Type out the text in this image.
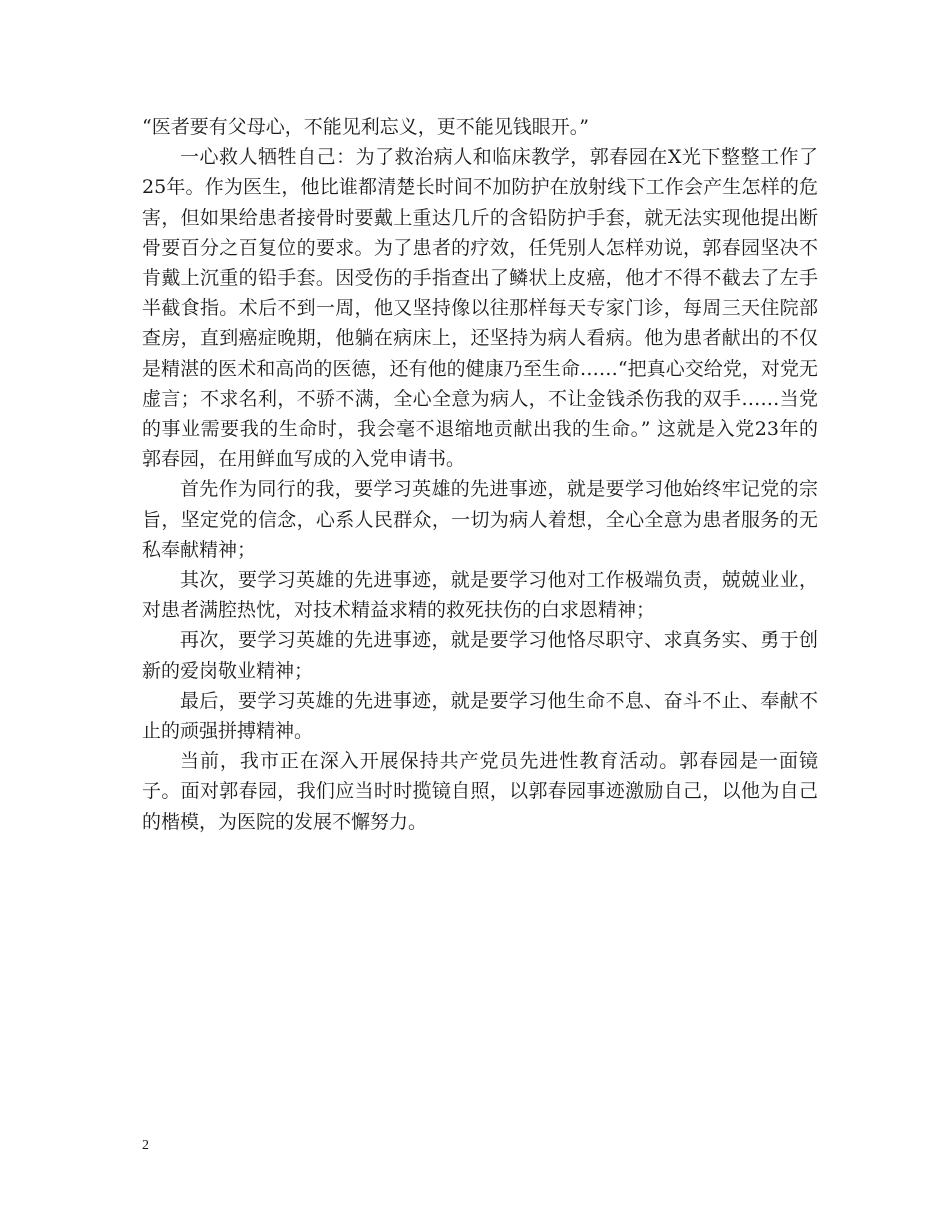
“医者要有父母心，不能见利忘义，更不能见钱眼开。”

一心救人牺牲自己：为了救治病人和临床教学，郭春园在X光下整整工作了25年。作为医生，他比谁都清楚长时间不加防护在放射线下工作会产生怎样的危害，但如果给患者接骨时要戴上重达几斤的含铅防护手套，就无法实现他提出断骨要百分之百复位的要求。为了患者的疗效，任凭别人怎样劝说，郭春园坚决不肯戴上沉重的铅手套。因受伤的手指查出了鳞状上皮癌，他才不得不截去了左手半截食指。术后不到一周，他又坚持像以往那样每天专家门诊，每周三天住院部查房，直到癌症晚期，他躺在病床上，还坚持为病人看病。他为患者献出的不仅是精湛的医术和高尚的医德，还有他的健康乃至生命……“把真心交给党，对党无虚言；不求名利，不骄不满，全心全意为病人，不让金钱杀伤我的双手……当党的事业需要我的生命时，我会毫不退缩地贡献出我的生命。” 这就是入党23年的郭春园，在用鲜血写成的入党申请书。

首先作为同行的我，要学习英雄的先进事迹，就是要学习他始终牢记党的宗旨，坚定党的信念，心系人民群众，一切为病人着想，全心全意为患者服务的无私奉献精神；

其次，要学习英雄的先进事迹，就是要学习他对工作极端负责，兢兢业业，对患者满腔热忱，对技术精益求精的救死扶伤的白求恩精神；

再次，要学习英雄的先进事迹，就是要学习他恪尽职守、求真务实、勇于创新的爱岗敬业精神；

最后，要学习英雄的先进事迹，就是要学习他生命不息、奋斗不止、奉献不止的顽强拼搏精神。

当前，我市正在深入开展保持共产党员先进性教育活动。郭春园是一面镜子。面对郭春园，我们应当时时揽镜自照，以郭春园事迹激励自己，以他为自己的楷模，为医院的发展不懈努力。

2
